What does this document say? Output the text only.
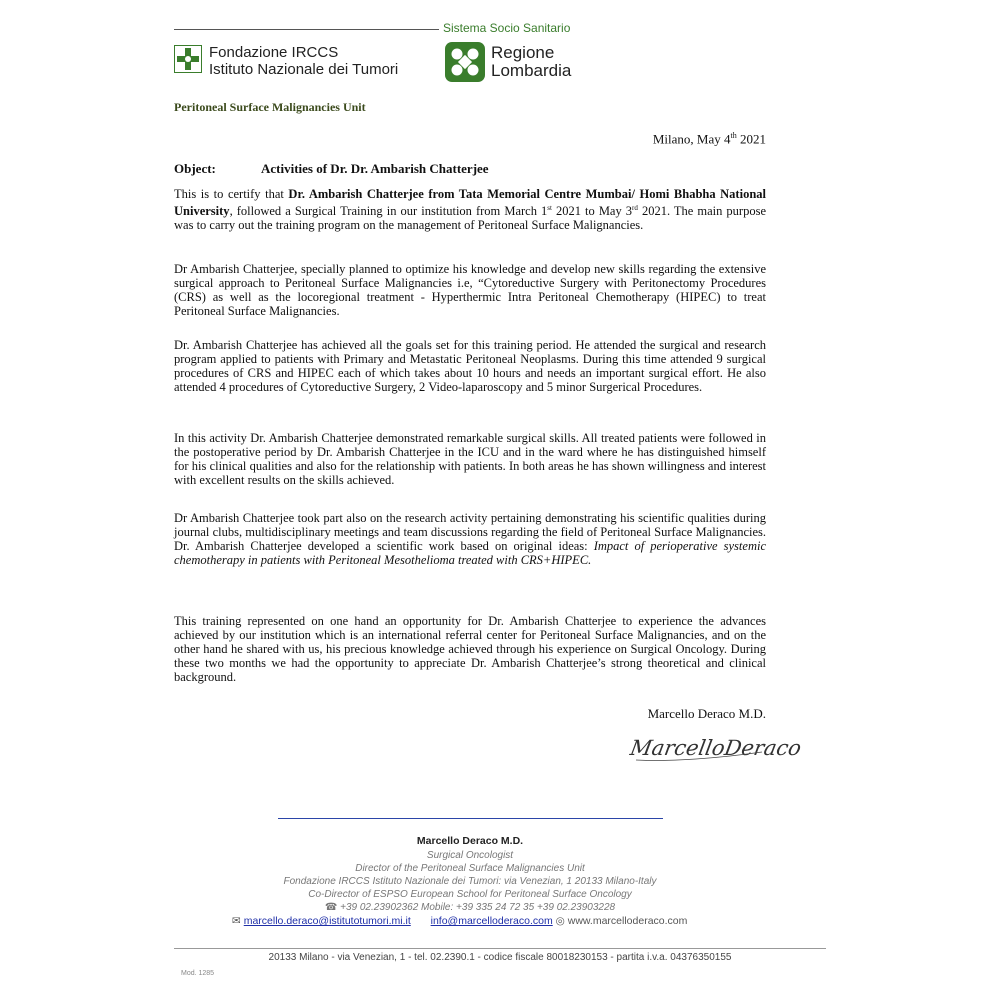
Sistema Socio Sanitario
Fondazione IRCCS
Istituto Nazionale dei Tumori
Regione
Lombardia
Peritoneal Surface Malignancies Unit
Milano, May 4th 2021
Object:	Activities of Dr. Dr. Ambarish Chatterjee
This is to certify that Dr. Ambarish Chatterjee from Tata Memorial Centre Mumbai/ Homi Bhabha National University, followed a Surgical Training in our institution from March 1st 2021 to May 3rd 2021. The main purpose was to carry out the training program on the management of Peritoneal Surface Malignancies.
Dr Ambarish Chatterjee, specially planned to optimize his knowledge and develop new skills regarding the extensive surgical approach to Peritoneal Surface Malignancies i.e, “Cytoreductive Surgery with Peritonectomy Procedures (CRS) as well as the locoregional treatment - Hyperthermic Intra Peritoneal Chemotherapy (HIPEC) to treat Peritoneal Surface Malignancies.
Dr. Ambarish Chatterjee has achieved all the goals set for this training period. He attended the surgical and research program applied to patients with Primary and Metastatic Peritoneal Neoplasms. During this time attended 9 surgical procedures of CRS and HIPEC each of which takes about 10 hours and needs an important surgical effort. He also attended 4 procedures of Cytoreductive Surgery, 2 Video-laparoscopy and 5 minor Surgerical Procedures.
In this activity Dr. Ambarish Chatterjee demonstrated remarkable surgical skills. All treated patients were followed in the postoperative period by Dr. Ambarish Chatterjee in the ICU and in the ward where he has distinguished himself for his clinical qualities and also for the relationship with patients. In both areas he has shown willingness and interest with excellent results on the skills achieved.
Dr Ambarish Chatterjee took part also on the research activity pertaining demonstrating his scientific qualities during journal clubs, multidisciplinary meetings and team discussions regarding the field of Peritoneal Surface Malignancies. Dr. Ambarish Chatterjee developed a scientific work based on original ideas: Impact of perioperative systemic chemotherapy in patients with Peritoneal Mesothelioma treated with CRS+HIPEC.
This training represented on one hand an opportunity for Dr. Ambarish Chatterjee to experience the advances achieved by our institution which is an international referral center for Peritoneal Surface Malignancies, and on the other hand he shared with us, his precious knowledge achieved through his experience on Surgical Oncology. During these two months we had the opportunity to appreciate Dr. Ambarish Chatterjee’s strong theoretical and clinical background.
Marcello Deraco M.D.
MarcelloDeraco
Marcello Deraco M.D.
Surgical Oncologist
Director of the Peritoneal Surface Malignancies Unit
Fondazione IRCCS Istituto Nazionale dei Tumori: via Venezian, 1 20133 Milano-Italy
Co-Director of ESPSO European School for Peritoneal Surface Oncology
☎ +39 02.23902362 Mobile: +39 335 24 72 35 +39 02.23903228
✉ marcello.deraco@istitutotumori.mi.it info@marcelloderaco.com ◎ www.marcelloderaco.com
20133 Milano - via Venezian, 1 - tel. 02.2390.1 - codice fiscale 80018230153 - partita i.v.a. 04376350155
Mod. 1285
